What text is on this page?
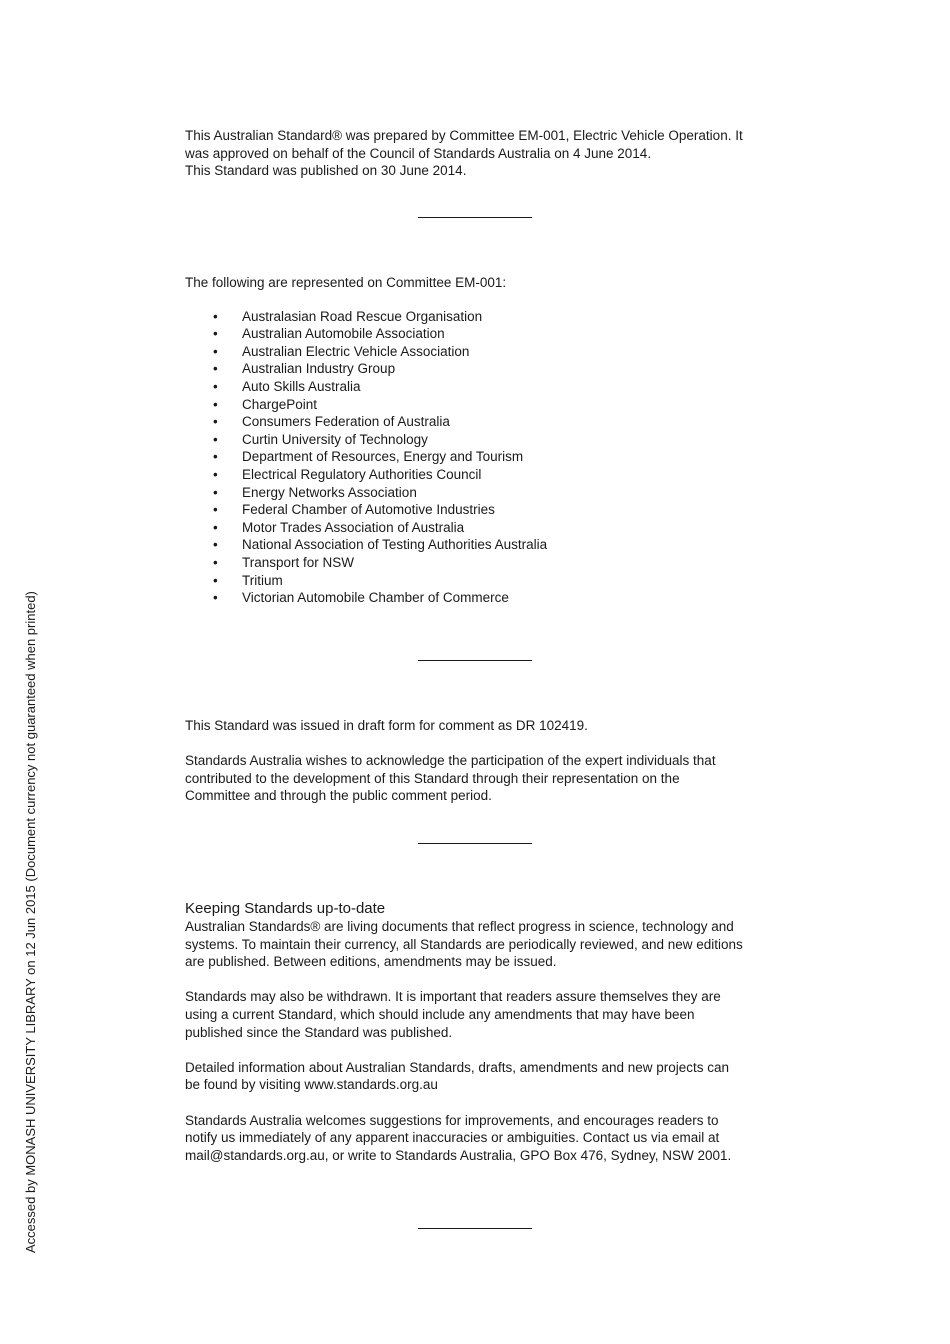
This Australian Standard® was prepared by Committee EM-001, Electric Vehicle Operation. It

was approved on behalf of the Council of Standards Australia on 4 June 2014.

This Standard was published on 30 June 2014.

The following are represented on Committee EM-001:

• Australasian Road Rescue Organisation
• Australian Automobile Association
• Australian Electric Vehicle Association
• Australian Industry Group
• Auto Skills Australia
• ChargePoint
• Consumers Federation of Australia
• Curtin University of Technology
• Department of Resources, Energy and Tourism
• Electrical Regulatory Authorities Council
• Energy Networks Association
• Federal Chamber of Automotive Industries
• Motor Trades Association of Australia
• National Association of Testing Authorities Australia
• Transport for NSW
• Tritium
• Victorian Automobile Chamber of Commerce

This Standard was issued in draft form for comment as DR 102419.

Standards Australia wishes to acknowledge the participation of the expert individuals that

contributed to the development of this Standard through their representation on the

Committee and through the public comment period.

Keeping Standards up-to-date

Australian Standards® are living documents that reflect progress in science, technology and

systems. To maintain their currency, all Standards are periodically reviewed, and new editions

are published. Between editions, amendments may be issued.

Standards may also be withdrawn. It is important that readers assure themselves they are

using a current Standard, which should include any amendments that may have been

published since the Standard was published.

Detailed information about Australian Standards, drafts, amendments and new projects can

be found by visiting www.standards.org.au

Standards Australia welcomes suggestions for improvements, and encourages readers to

notify us immediately of any apparent inaccuracies or ambiguities. Contact us via email at

mail@standards.org.au, or write to Standards Australia, GPO Box 476, Sydney, NSW 2001.

Accessed by MONASH UNIVERSITY LIBRARY on 12 Jun 2015 (Document currency not guaranteed when printed)
